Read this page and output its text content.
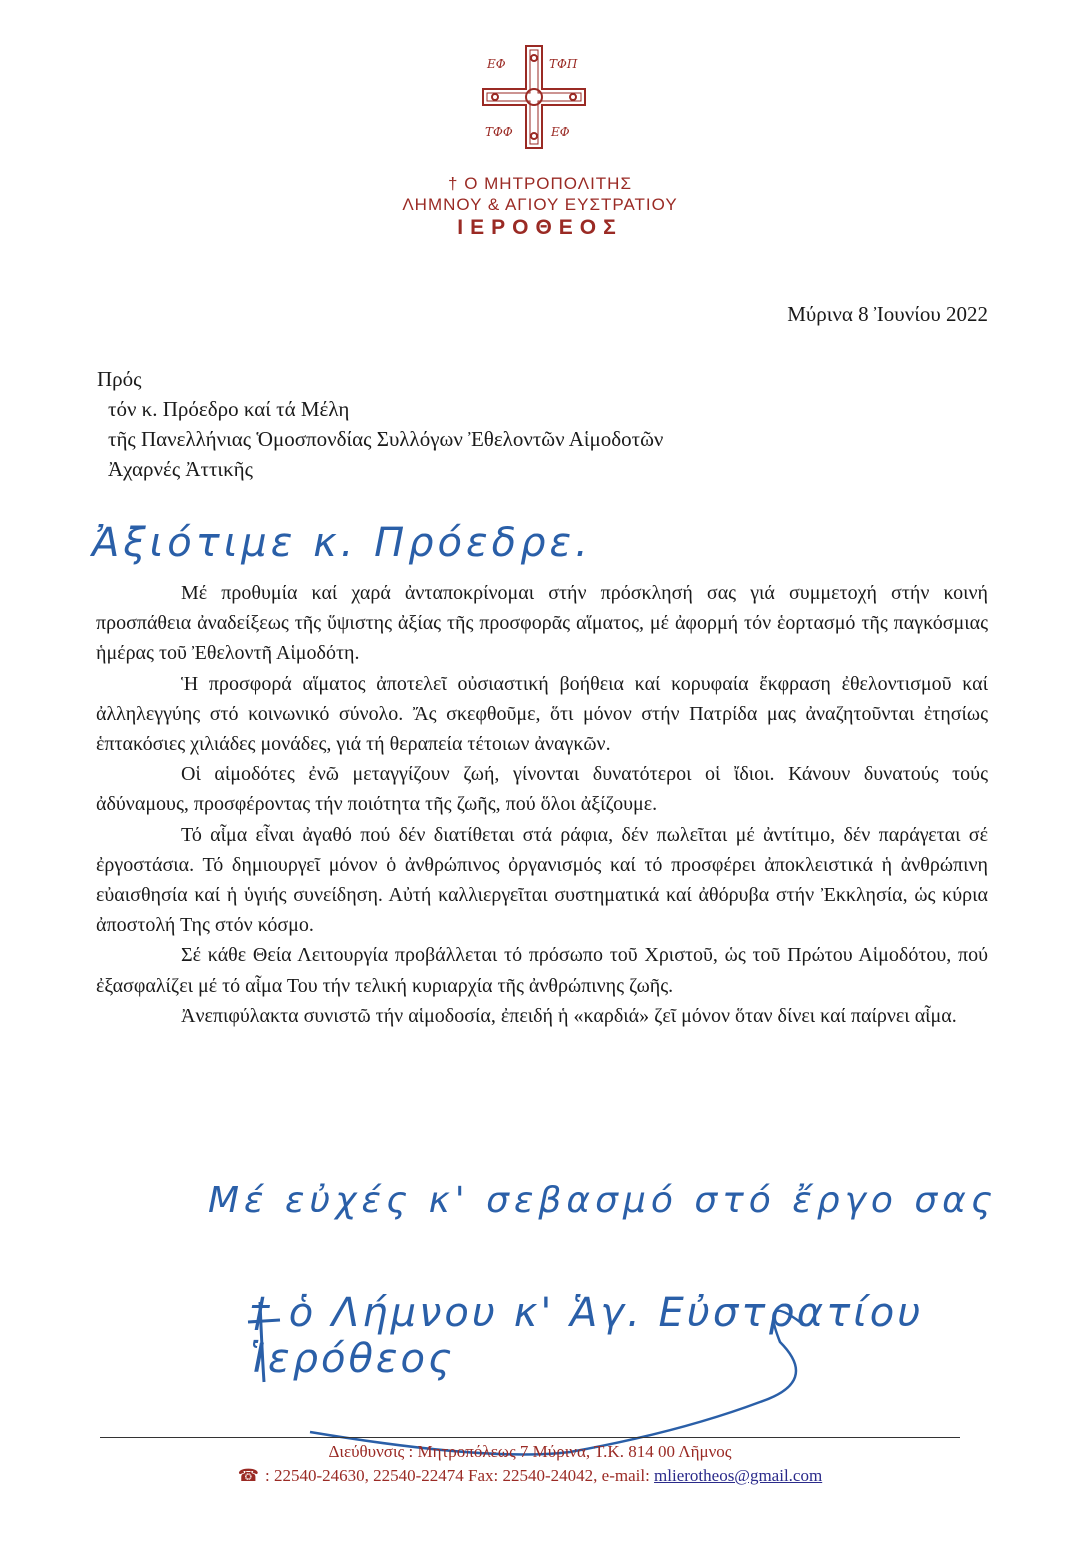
ΕΦ	ΤΦΠ
ΤΦΦ	ΕΦ
† Ο ΜΗΤΡΟΠΟΛΙΤΗΣ
ΛΗΜΝΟΥ & ΑΓΙΟΥ ΕΥΣΤΡΑΤΙΟΥ
ΙΕΡΟΘΕΟΣ
Μύρινα 8 Ἰουνίου 2022
Πρός
τόν κ. Πρόεδρο καί τά Μέλη
τῆς Πανελλήνιας Ὁμοσπονδίας Συλλόγων Ἐθελοντῶν Αἱμοδοτῶν
Ἀχαρνές Ἀττικῆς
Ἀξιότιμε κ. Πρόεδρε.

Μέ προθυμία καί χαρά ἀνταποκρίνομαι στήν πρόσκλησή σας γιά συμμετοχή στήν κοινή προσπάθεια ἀναδείξεως τῆς ὕψιστης ἀξίας τῆς προσφορᾶς αἵματος, μέ ἀφορμή τόν ἑορτασμό τῆς παγκόσμιας ἡμέρας τοῦ Ἐθελοντῆ Αἱμοδότη.

Ἡ προσφορά αἵματος ἀποτελεῖ οὐσιαστική βοήθεια καί κορυφαία ἔκφραση ἐθελοντισμοῦ καί ἀλληλεγγύης στό κοινωνικό σύνολο. Ἄς σκεφθοῦμε, ὅτι μόνον στήν Πατρίδα μας ἀναζητοῦνται ἐτησίως ἑπτακόσιες χιλιάδες μονάδες, γιά τή θεραπεία τέτοιων ἀναγκῶν.

Οἱ αἱμοδότες ἐνῶ μεταγγίζουν ζωή, γίνονται δυνατότεροι οἱ ἴδιοι. Κάνουν δυνατούς τούς ἀδύναμους, προσφέροντας τήν ποιότητα τῆς ζωῆς, πού ὅλοι ἀξίζουμε.

Τό αἷμα εἶναι ἀγαθό πού δέν διατίθεται στά ράφια, δέν πωλεῖται μέ ἀντίτιμο, δέν παράγεται σέ ἐργοστάσια. Τό δημιουργεῖ μόνον ὁ ἀνθρώπινος ὀργανισμός καί τό προσφέρει ἀποκλειστικά ἡ ἀνθρώπινη εὐαισθησία καί ἡ ὑγιής συνείδηση. Αὐτή καλλιεργεῖται συστηματικά καί ἀθόρυβα στήν Ἐκκλησία, ὡς κύρια ἀποστολή Της στόν κόσμο.

Σέ κάθε Θεία Λειτουργία προβάλλεται τό πρόσωπο τοῦ Χριστοῦ, ὡς τοῦ Πρώτου Αἱμοδότου, πού ἐξασφαλίζει μέ τό αἷμα Του τήν τελική κυριαρχία τῆς ἀνθρώπινης ζωῆς.

Ἀνεπιφύλακτα συνιστῶ τήν αἱμοδοσία, ἐπειδή ἡ «καρδιά» ζεῖ μόνον ὅταν δίνει καί παίρνει αἷμα.

Μέ εὐχές κ' σεβασμό στό ἔργο σας
† ὁ Λήμνου κ' Ἁγ. Εὐστρατίου Ἱερόθεος
Διεύθυνσις : Μητροπόλεως 7 Μύρινα, Τ.Κ. 814 00 Λῆμνος
☎ : 22540-24630, 22540-22474 Fax: 22540-24042, e-mail: mlierotheos@gmail.com
